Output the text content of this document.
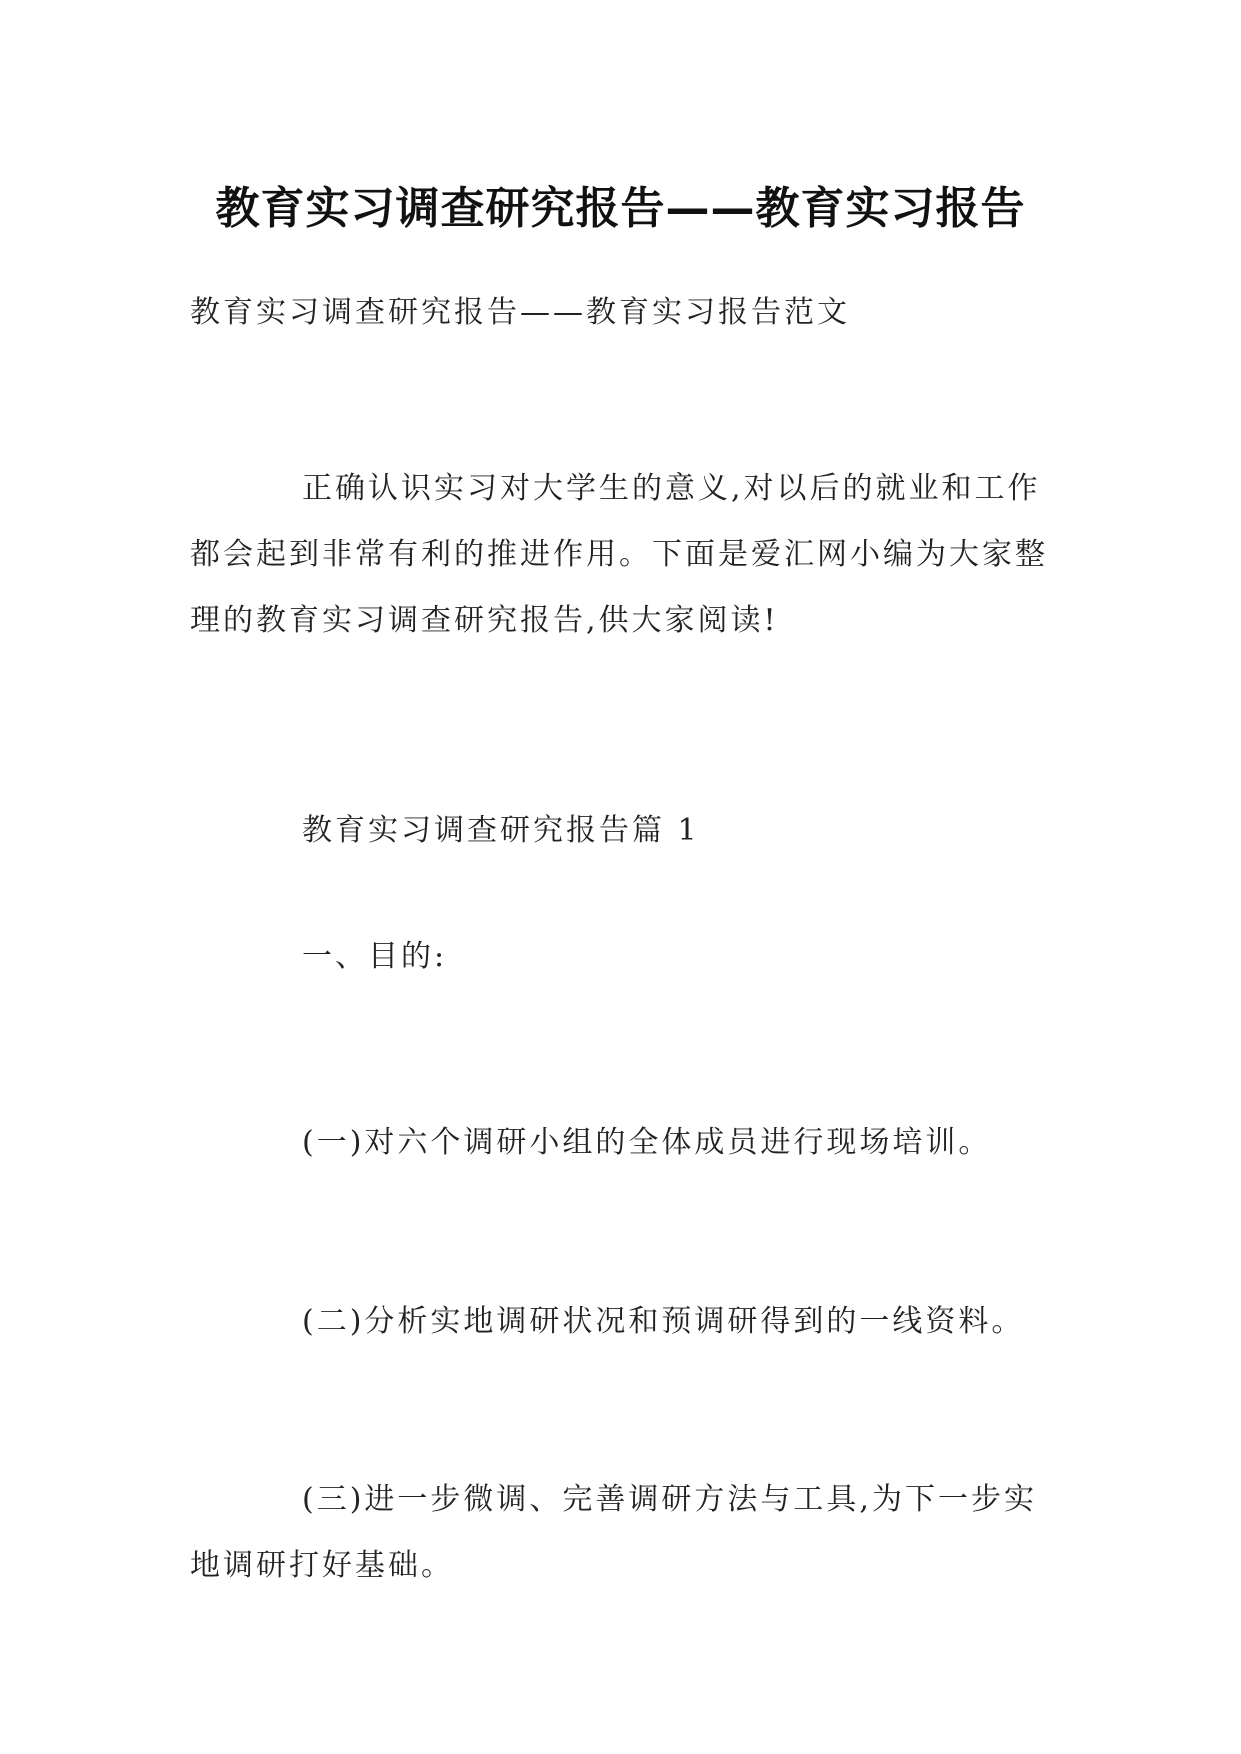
教育实习调查研究报告——教育实习报告

教育实习调查研究报告——教育实习报告范文

正确认识实习对大学生的意义,对以后的就业和工作都会起到非常有利的推进作用。下面是爱汇网小编为大家整理的教育实习调查研究报告,供大家阅读!

教育实习调查研究报告篇 1

一、目的:

(一)对六个调研小组的全体成员进行现场培训。

(二)分析实地调研状况和预调研得到的一线资料。

(三)进一步微调、完善调研方法与工具,为下一步实地调研打好基础。
